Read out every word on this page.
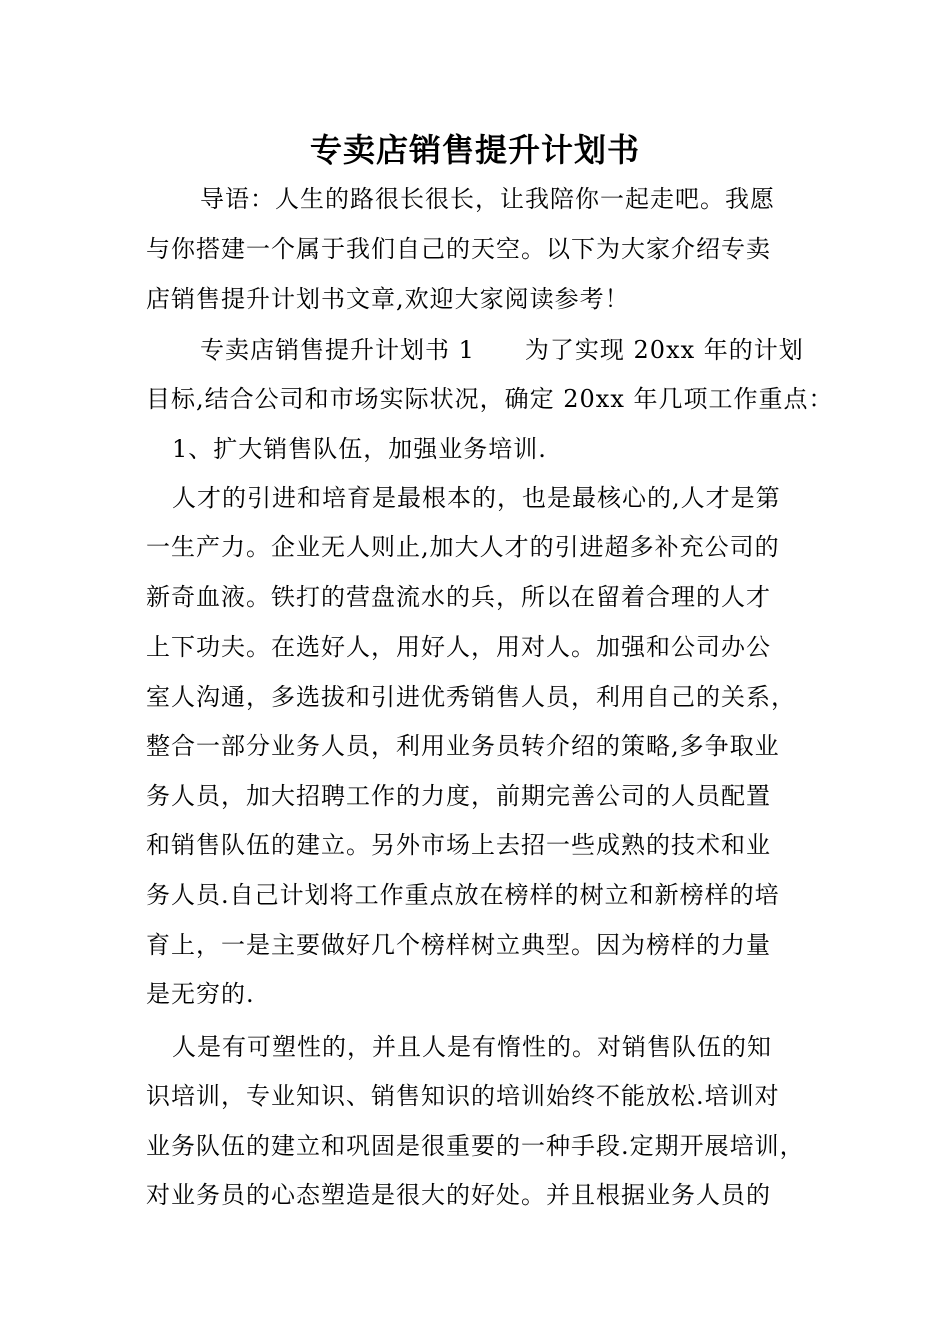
专卖店销售提升计划书
导语：人生的路很长很长，让我陪你一起走吧。我愿
与你搭建一个属于我们自己的天空。以下为大家介绍专卖
店销售提升计划书文章,欢迎大家阅读参考！
专卖店销售提升计划书 1　　为了实现 20xx 年的计划
目标,结合公司和市场实际状况，确定 20xx 年几项工作重点：
1、扩大销售队伍，加强业务培训.
人才的引进和培育是最根本的，也是最核心的,人才是第
一生产力。企业无人则止,加大人才的引进超多补充公司的
新奇血液。铁打的营盘流水的兵，所以在留着合理的人才
上下功夫。在选好人，用好人，用对人。加强和公司办公
室人沟通，多选拔和引进优秀销售人员，利用自己的关系，
整合一部分业务人员，利用业务员转介绍的策略,多争取业
务人员，加大招聘工作的力度，前期完善公司的人员配置
和销售队伍的建立。另外市场上去招一些成熟的技术和业
务人员.自己计划将工作重点放在榜样的树立和新榜样的培
育上，一是主要做好几个榜样树立典型。因为榜样的力量
是无穷的.
人是有可塑性的，并且人是有惰性的。对销售队伍的知
识培训，专业知识、销售知识的培训始终不能放松.培训对
业务队伍的建立和巩固是很重要的一种手段.定期开展培训，
对业务员的心态塑造是很大的好处。并且根据业务人员的
